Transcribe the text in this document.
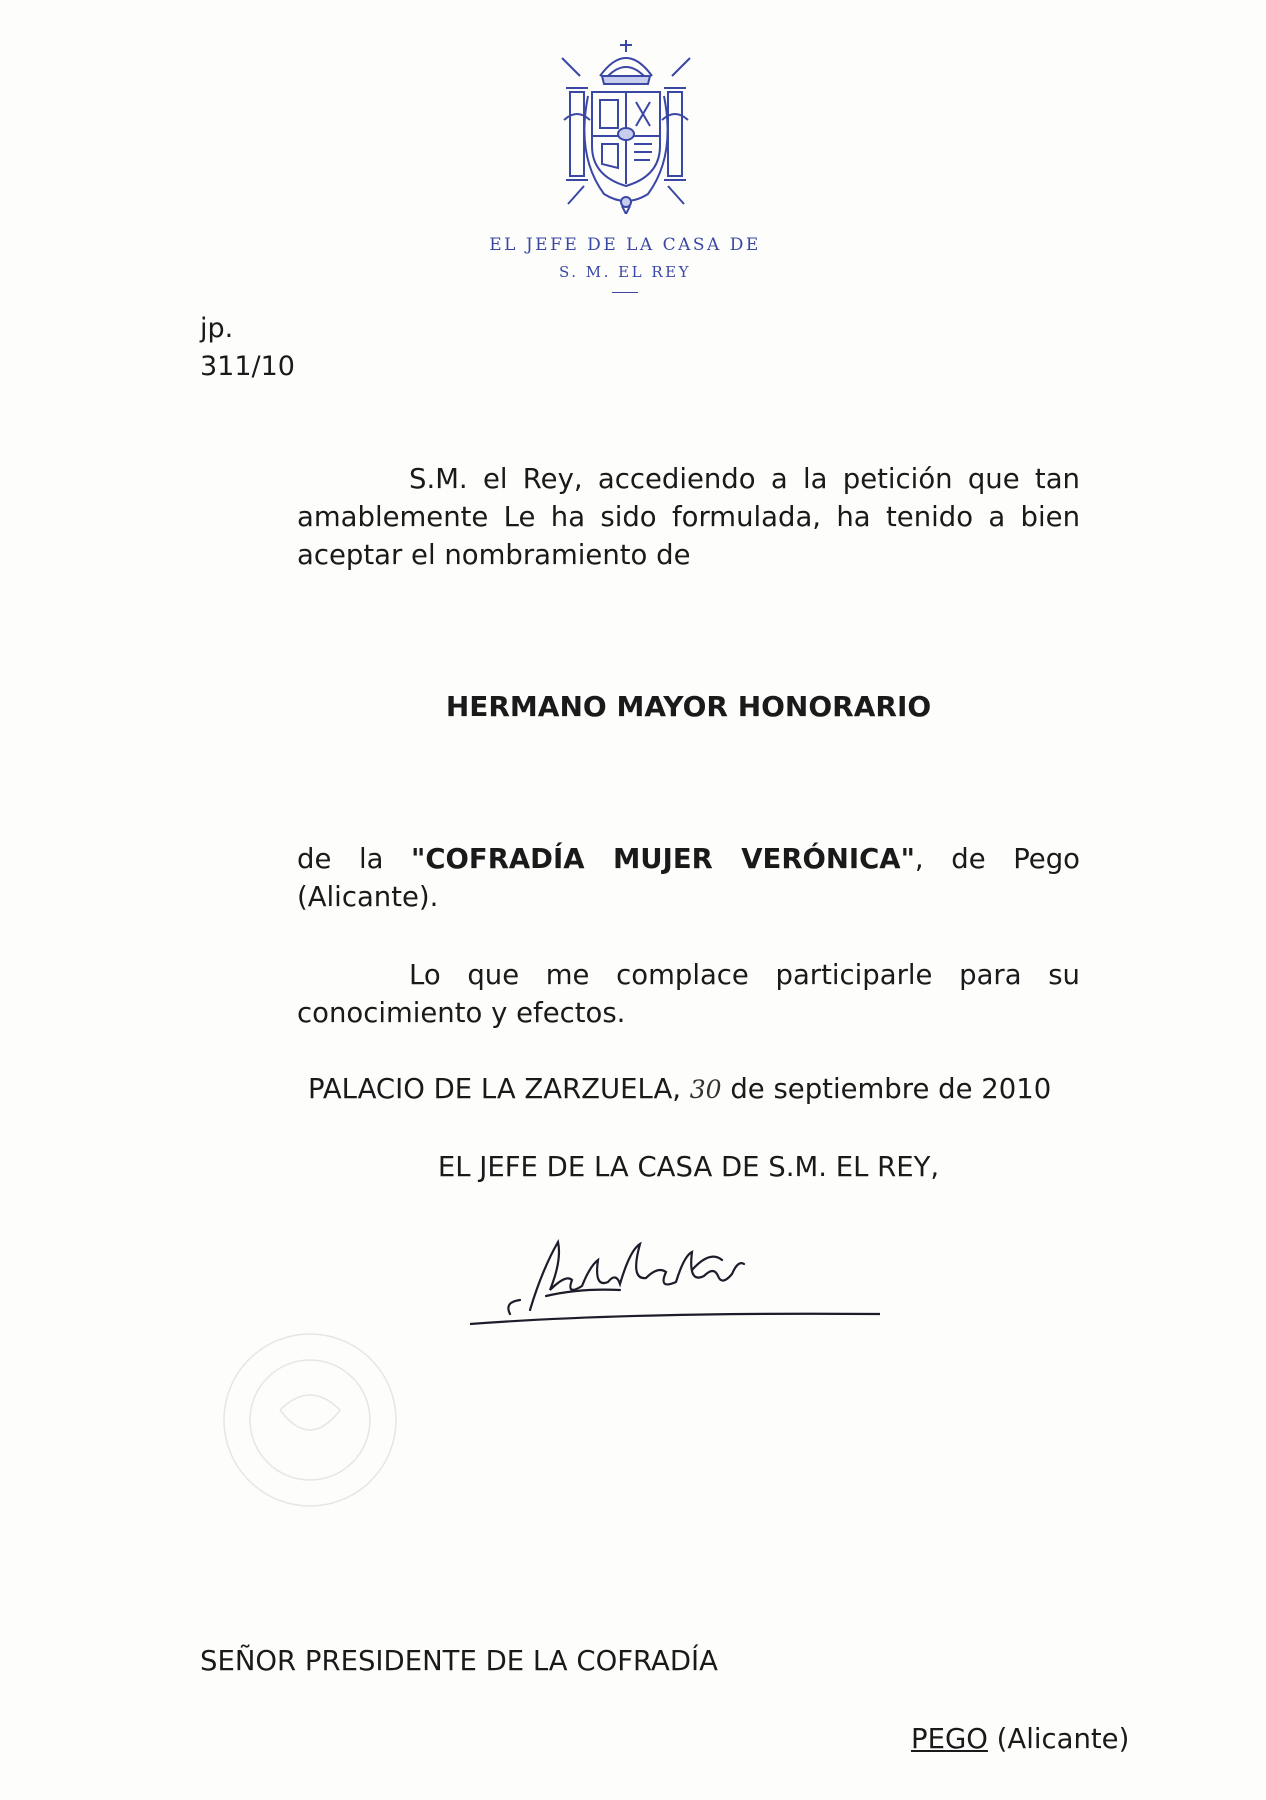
EL JEFE DE LA CASA DE
S. M. EL REY
jp.
311/10
S.M. el Rey, accediendo a la petición que tan amablemente Le ha sido formulada, ha tenido a bien aceptar el nombramiento de
HERMANO MAYOR HONORARIO
de la "COFRADÍA MUJER VERÓNICA", de Pego (Alicante).
Lo que me complace participarle para su conocimiento y efectos.
PALACIO DE LA ZARZUELA, 30 de septiembre de 2010
EL JEFE DE LA CASA DE S.M. EL REY,
SEÑOR PRESIDENTE DE LA COFRADÍA
PEGO (Alicante)
